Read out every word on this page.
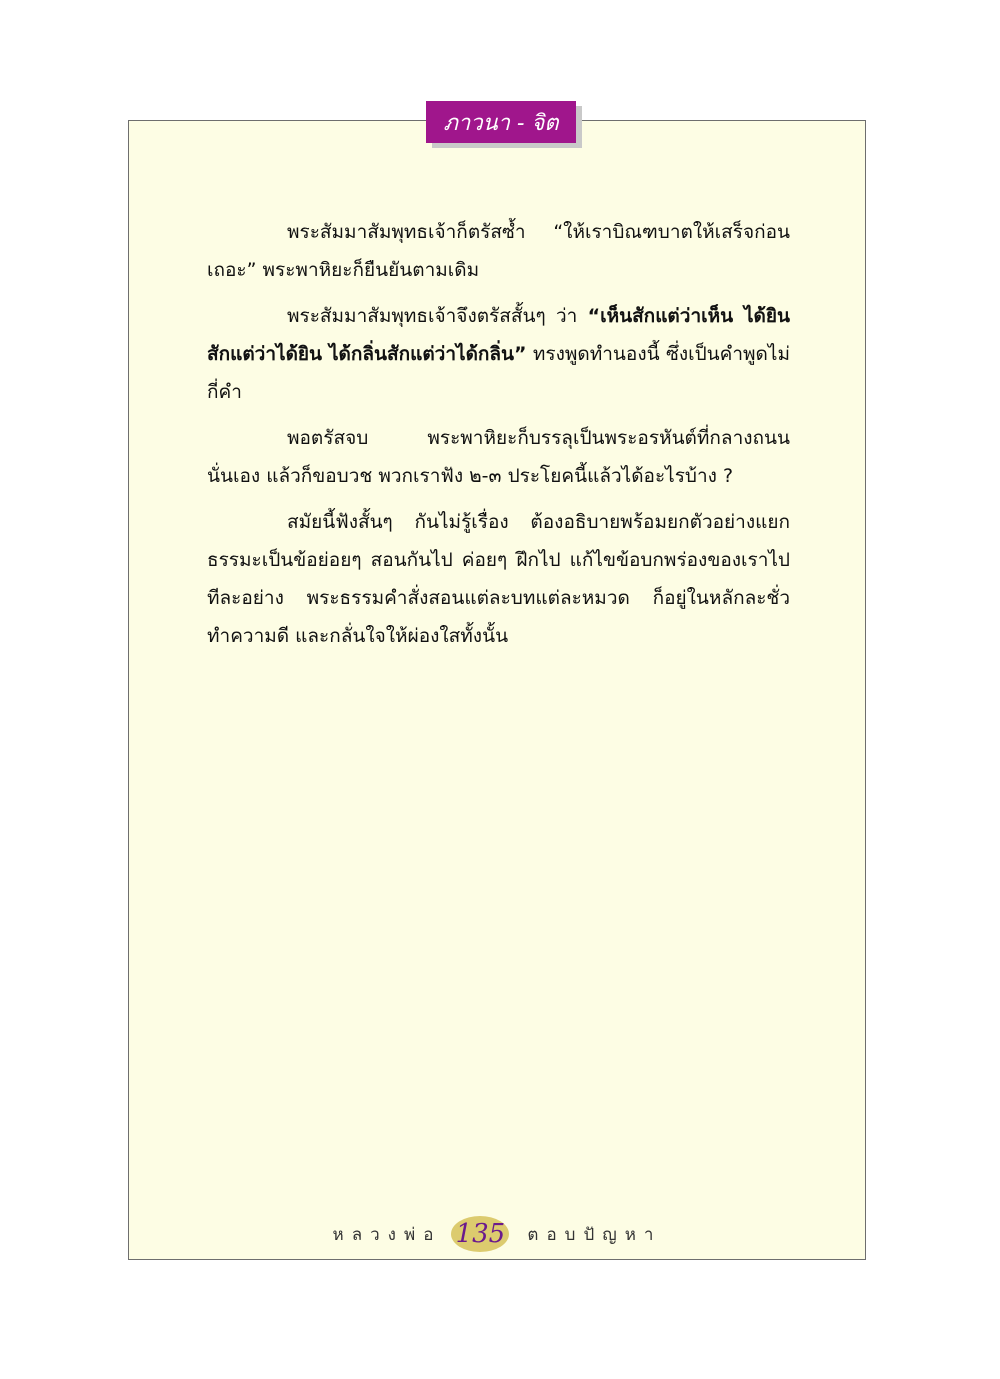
ภาวนา - จิต

พระสัมมาสัมพุทธเจ้าก็ตรัสซ้ำ “ให้เราบิณฑบาตให้เสร็จก่อนเถอะ” พระพาหิยะก็ยืนยันตามเดิม

พระสัมมาสัมพุทธเจ้าจึงตรัสสั้นๆ ว่า “เห็นสักแต่ว่าเห็น ได้ยินสักแต่ว่าได้ยิน ได้กลิ่นสักแต่ว่าได้กลิ่น” ทรงพูดทำนองนี้ ซึ่งเป็นคำพูดไม่กี่คำ

พอตรัสจบ พระพาหิยะก็บรรลุเป็นพระอรหันต์ที่กลางถนนนั่นเอง แล้วก็ขอบวช พวกเราฟัง ๒-๓ ประโยคนี้แล้วได้อะไรบ้าง ?

สมัยนี้ฟังสั้นๆ กันไม่รู้เรื่อง ต้องอธิบายพร้อมยกตัวอย่างแยกธรรมะเป็นข้อย่อยๆ สอนกันไป ค่อยๆ ฝึกไป แก้ไขข้อบกพร่องของเราไปทีละอย่าง พระธรรมคำสั่งสอนแต่ละบทแต่ละหมวด ก็อยู่ในหลักละชั่ว ทำความดี และกลั่นใจให้ผ่องใสทั้งนั้น

หลวงพ่อ 135 ตอบปัญหา
